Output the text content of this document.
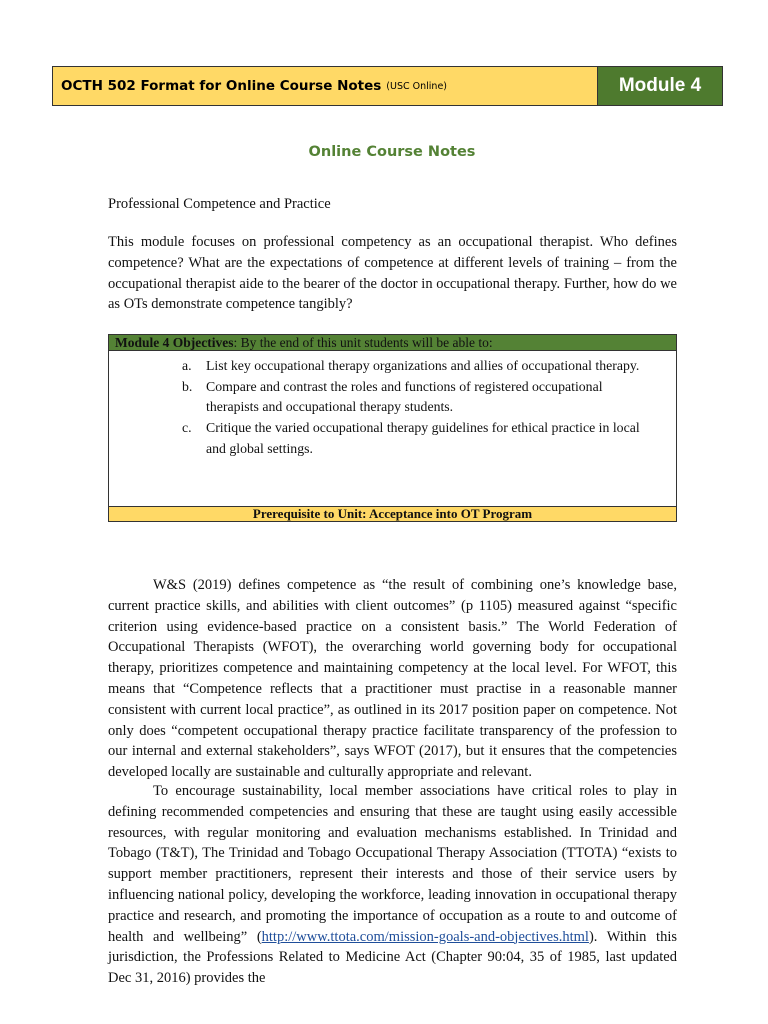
OCTH 502 Format for Online Course Notes (USC Online)	Module 4
Online Course Notes
Professional Competence and Practice
This module focuses on professional competency as an occupational therapist. Who defines competence? What are the expectations of competence at different levels of training – from the occupational therapist aide to the bearer of the doctor in occupational therapy. Further, how do we as OTs demonstrate competence tangibly?
Module 4 Objectives: By the end of this unit students will be able to:
a.	List key occupational therapy organizations and allies of occupational therapy.
b. Compare and contrast the roles and functions of registered occupational therapists and occupational therapy students.
c.	Critique the varied occupational therapy guidelines for ethical practice in local and global settings.
Prerequisite to Unit: Acceptance into OT Program
W&S (2019) defines competence as “the result of combining one’s knowledge base, current practice skills, and abilities with client outcomes” (p 1105) measured against “specific criterion using evidence-based practice on a consistent basis.” The World Federation of Occupational Therapists (WFOT), the overarching world governing body for occupational therapy, prioritizes competence and maintaining competency at the local level. For WFOT, this means that “Competence reflects that a practitioner must practise in a reasonable manner consistent with current local practice”, as outlined in its 2017 position paper on competence. Not only does “competent occupational therapy practice facilitate transparency of the profession to our internal and external stakeholders”, says WFOT (2017), but it ensures that the competencies developed locally are sustainable and culturally appropriate and relevant.
To encourage sustainability, local member associations have critical roles to play in defining recommended competencies and ensuring that these are taught using easily accessible resources, with regular monitoring and evaluation mechanisms established. In Trinidad and Tobago (T&T), The Trinidad and Tobago Occupational Therapy Association (TTOTA) “exists to support member practitioners, represent their interests and those of their service users by influencing national policy, developing the workforce, leading innovation in occupational therapy practice and research, and promoting the importance of occupation as a route to and outcome of health and wellbeing” (http://www.ttota.com/mission-goals-and-objectives.html). Within this jurisdiction, the Professions Related to Medicine Act (Chapter 90:04, 35 of 1985, last updated Dec 31, 2016) provides the
